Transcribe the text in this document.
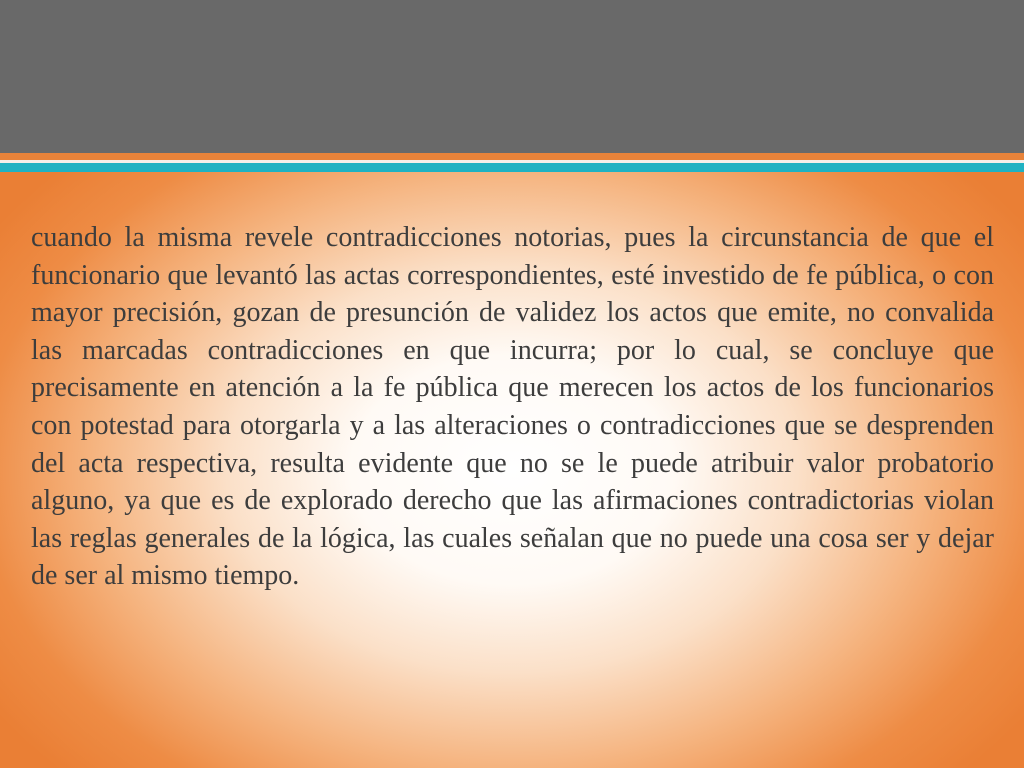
cuando la misma revele contradicciones notorias, pues la circunstancia de que el funcionario que levantó las actas correspondientes, esté investido de fe pública, o con mayor precisión, gozan de presunción de validez los actos que emite, no convalida las marcadas contradicciones en que incurra; por lo cual, se concluye que precisamente en atención a la fe pública que merecen los actos de los funcionarios con potestad para otorgarla y a las alteraciones o contradicciones que se desprenden del acta respectiva, resulta evidente que no se le puede atribuir valor probatorio alguno, ya que es de explorado derecho que las afirmaciones contradictorias violan las reglas generales de la lógica, las cuales señalan que no puede una cosa ser y dejar de ser al mismo tiempo.
